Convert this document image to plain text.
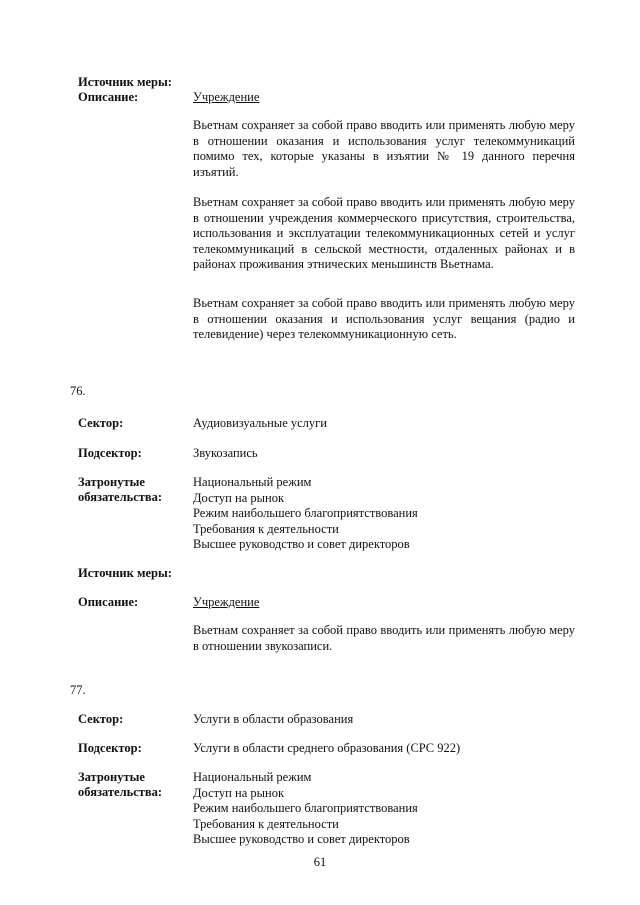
Источник меры:
Описание:	Учреждение
Вьетнам сохраняет за собой право вводить или применять любую меру в отношении оказания и использования услуг телекоммуникаций помимо тех, которые указаны в изъятии № 19 данного перечня изъятий.
Вьетнам сохраняет за собой право вводить или применять любую меру в отношении учреждения коммерческого присутствия, строительства, использования и эксплуатации телекоммуникационных сетей и услуг телекоммуникаций в сельской местности, отдаленных районах и в районах проживания этнических меньшинств Вьетнама.
Вьетнам сохраняет за собой право вводить или применять любую меру в отношении оказания и использования услуг вещания (радио и телевидение) через телекоммуникационную сеть.
76.
Сектор:	Аудиовизуальные услуги
Подсектор:	Звукозапись
Затронутые
обязательства:
Национальный режим
Доступ на рынок
Режим наибольшего благоприятствования
Требования к деятельности
Высшее руководство и совет директоров
Источник меры:
Описание:	Учреждение
Вьетнам сохраняет за собой право вводить или применять любую меру в отношении звукозаписи.
77.
Сектор:	Услуги в области образования
Подсектор:	Услуги в области среднего образования (CPC 922)
Затронутые
обязательства:
Национальный режим
Доступ на рынок
Режим наибольшего благоприятствования
Требования к деятельности
Высшее руководство и совет директоров
61
